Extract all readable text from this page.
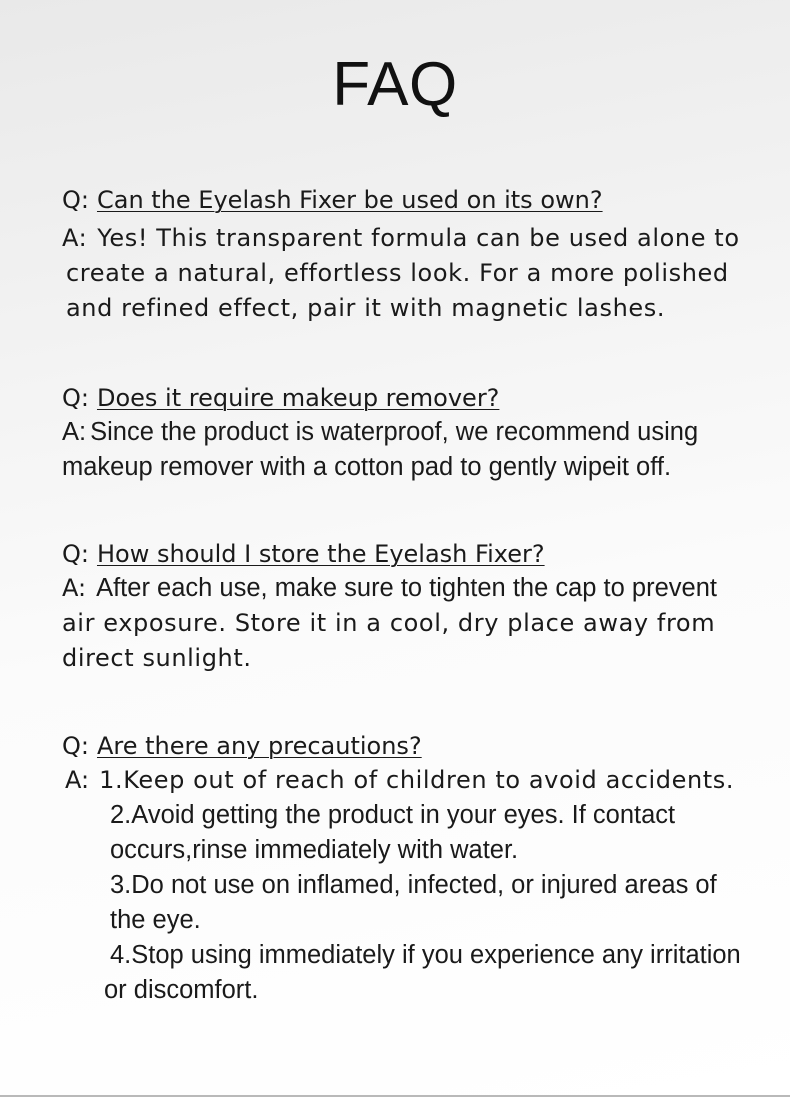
FAQ
Q: Can the Eyelash Fixer be used on its own?
A: Yes! This transparent formula can be used alone to
create a natural, effortless look. For a more polished
and refined effect, pair it with magnetic lashes.
Q: Does it require makeup remover?
A: Since the product is waterproof, we recommend using
makeup remover with a cotton pad to gently wipeit off.
Q: How should I store the Eyelash Fixer?
A: After each use, make sure to tighten the cap to prevent
air exposure. Store it in a cool, dry place away from
direct sunlight.
Q: Are there any precautions?
A: 1.Keep out of reach of children to avoid accidents.
2.Avoid getting the product in your eyes. If contact
occurs,rinse immediately with water.
3.Do not use on inflamed, infected, or injured areas of
the eye.
4.Stop using immediately if you experience any irritation
or discomfort.
